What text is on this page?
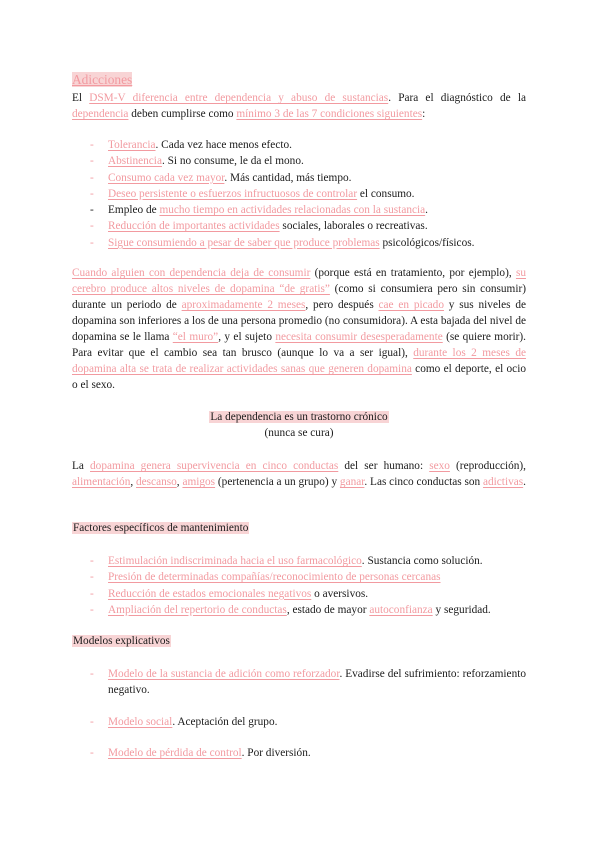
Adicciones

El DSM-V diferencia entre dependencia y abuso de sustancias. Para el diagnóstico de la dependencia deben cumplirse como mínimo 3 de las 7 condiciones siguientes:

- Tolerancia. Cada vez hace menos efecto.
- Abstinencia. Si no consume, le da el mono.
- Consumo cada vez mayor. Más cantidad, más tiempo.
- Deseo persistente o esfuerzos infructuosos de controlar el consumo.
- Empleo de mucho tiempo en actividades relacionadas con la sustancia.
- Reducción de importantes actividades sociales, laborales o recreativas.
- Sigue consumiendo a pesar de saber que produce problemas psicológicos/físicos.

Cuando alguien con dependencia deja de consumir (porque está en tratamiento, por ejemplo), su cerebro produce altos niveles de dopamina “de gratis” (como si consumiera pero sin consumir) durante un periodo de aproximadamente 2 meses, pero después cae en picado y sus niveles de dopamina son inferiores a los de una persona promedio (no consumidora). A esta bajada del nivel de dopamina se le llama “el muro”, y el sujeto necesita consumir desesperadamente (se quiere morir). Para evitar que el cambio sea tan brusco (aunque lo va a ser igual), durante los 2 meses de dopamina alta se trata de realizar actividades sanas que generen dopamina como el deporte, el ocio o el sexo.

La dependencia es un trastorno crónico
(nunca se cura)

La dopamina genera supervivencia en cinco conductas del ser humano: sexo (reproducción), alimentación, descanso, amigos (pertenencia a un grupo) y ganar. Las cinco conductas son adictivas.

Factores específicos de mantenimiento
- Estimulación indiscriminada hacia el uso farmacológico. Sustancia como solución.
- Presión de determinadas compañías/reconocimiento de personas cercanas
- Reducción de estados emocionales negativos o aversivos.
- Ampliación del repertorio de conductas, estado de mayor autoconfianza y seguridad.
Modelos explicativos
- Modelo de la sustancia de adición como reforzador. Evadirse del sufrimiento: reforzamiento negativo.
- Modelo social. Aceptación del grupo.
- Modelo de pérdida de control. Por diversión.
